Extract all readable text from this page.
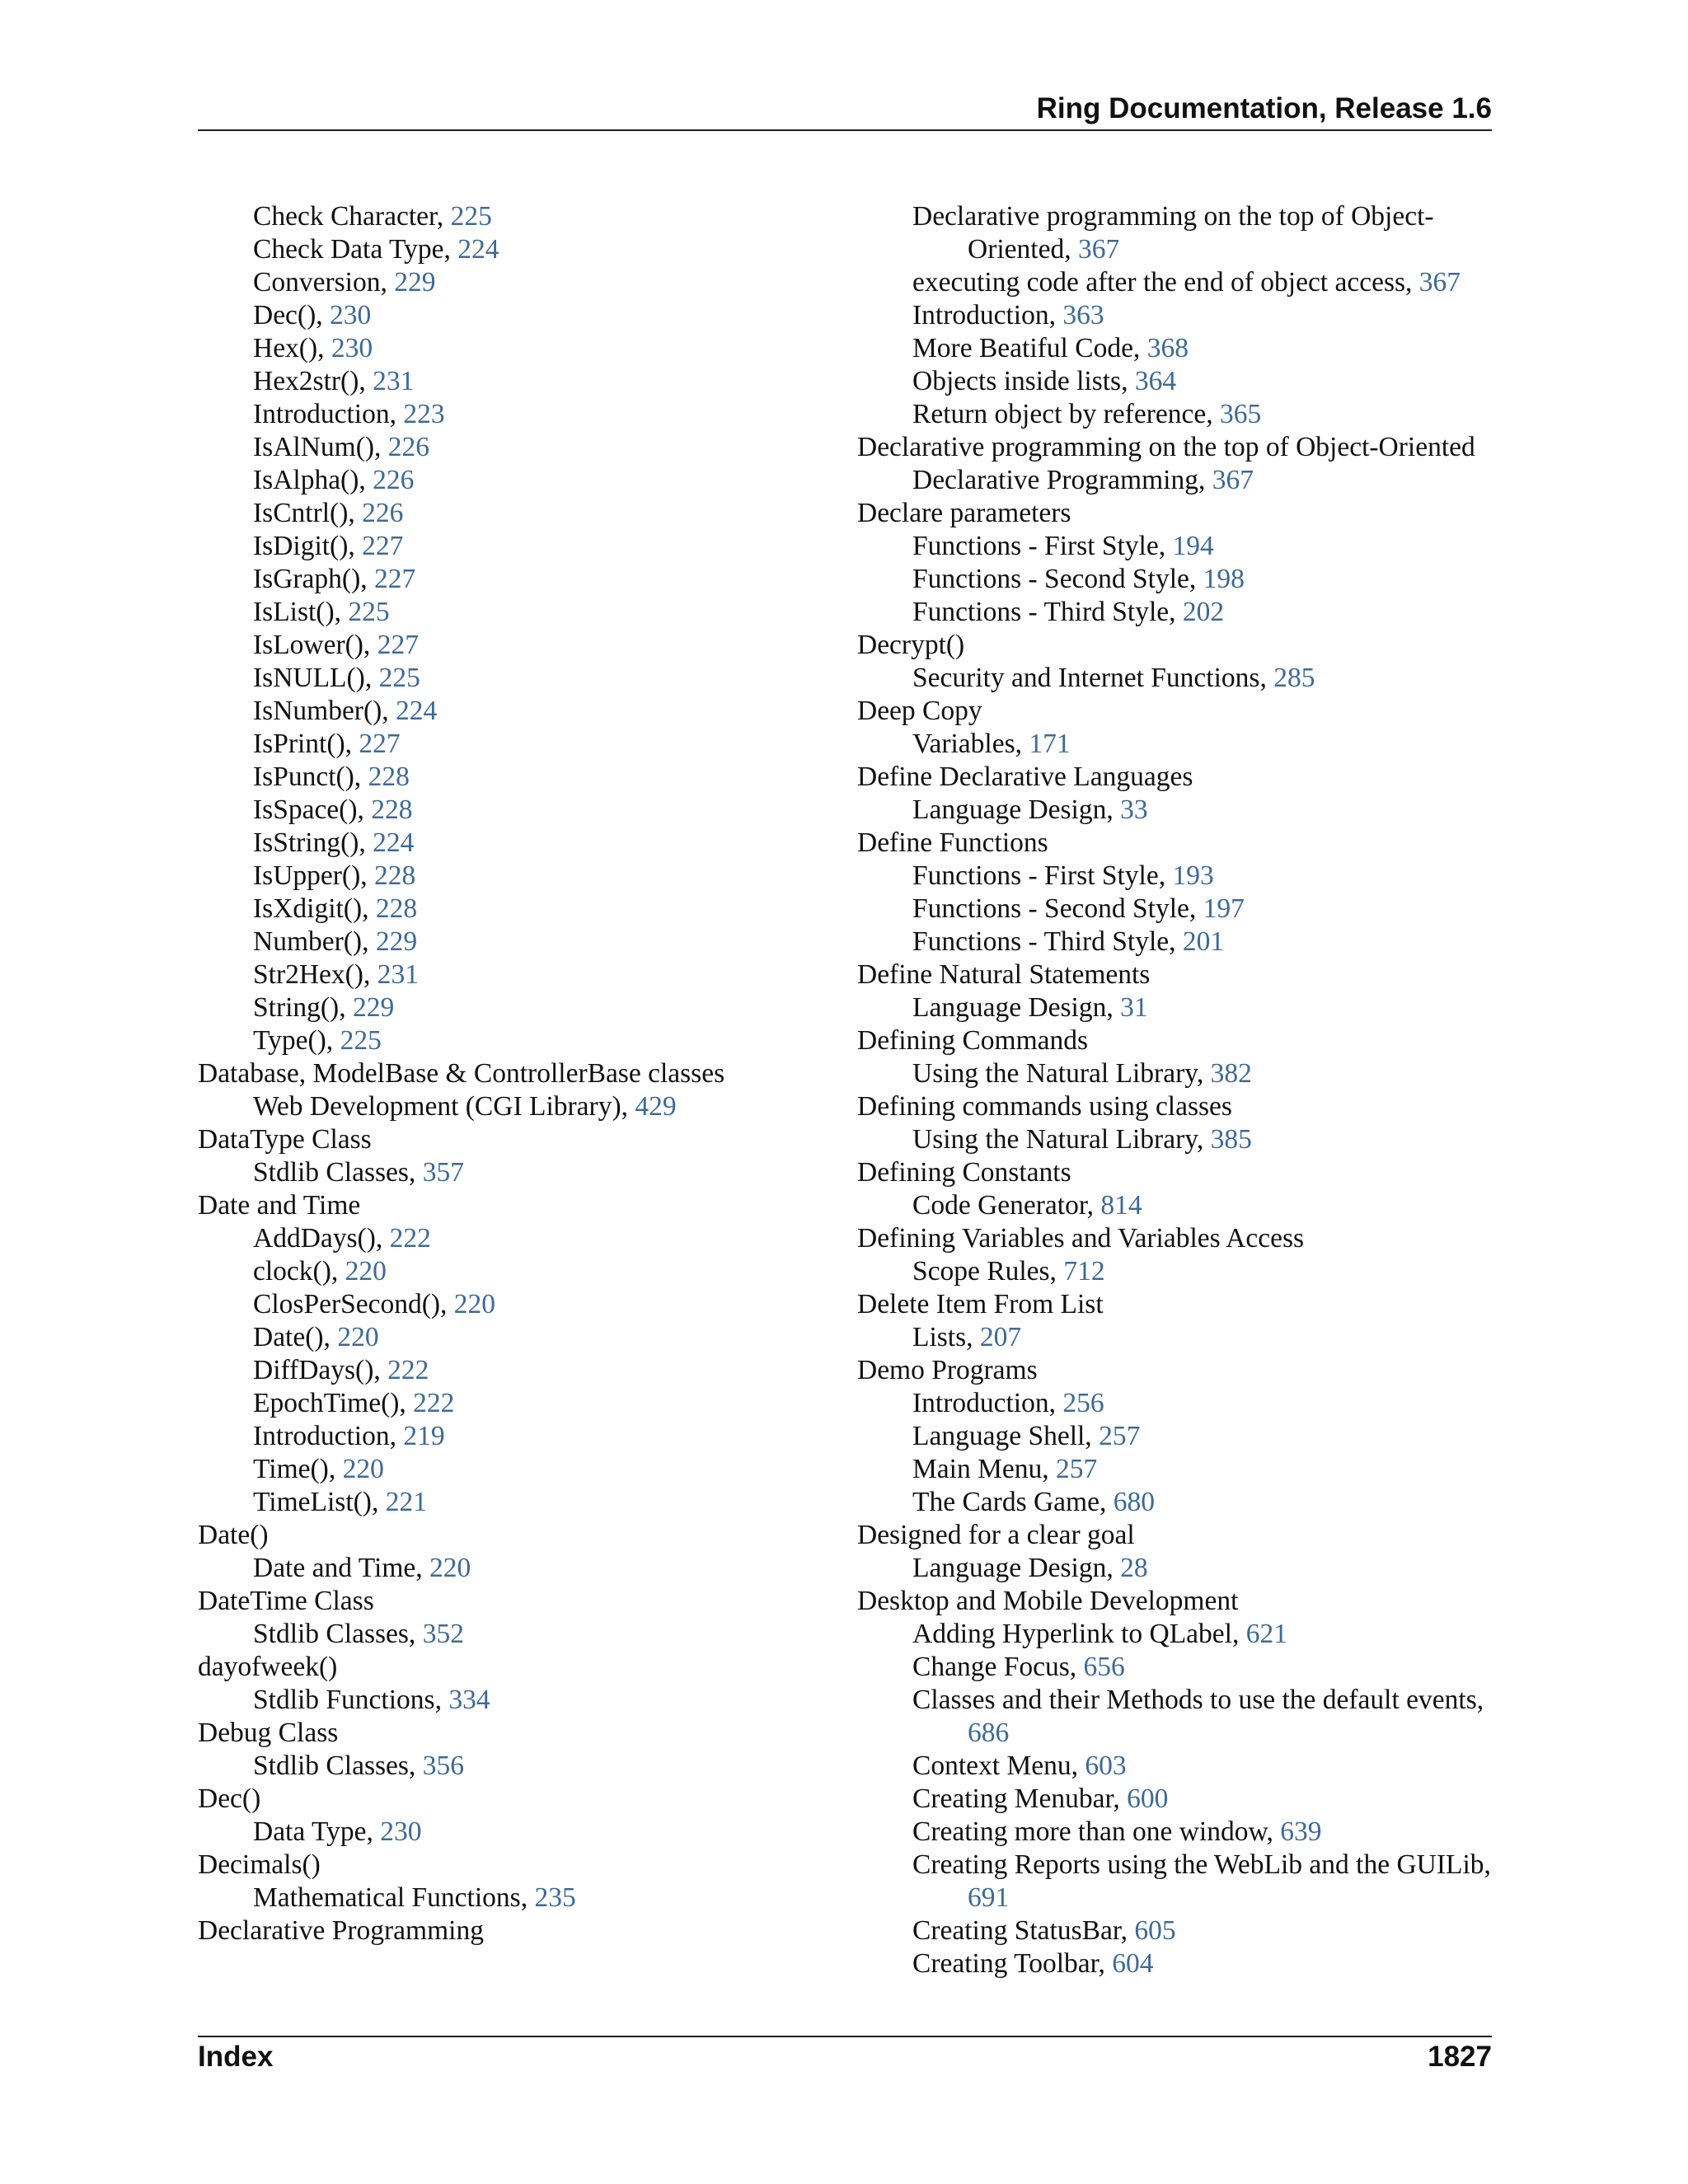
Ring Documentation, Release 1.6
Check Character, 225
Check Data Type, 224
Conversion, 229
Dec(), 230
Hex(), 230
Hex2str(), 231
Introduction, 223
IsAlNum(), 226
IsAlpha(), 226
IsCntrl(), 226
IsDigit(), 227
IsGraph(), 227
IsList(), 225
IsLower(), 227
IsNULL(), 225
IsNumber(), 224
IsPrint(), 227
IsPunct(), 228
IsSpace(), 228
IsString(), 224
IsUpper(), 228
IsXdigit(), 228
Number(), 229
Str2Hex(), 231
String(), 229
Type(), 225
Database, ModelBase & ControllerBase classes
Web Development (CGI Library), 429
DataType Class
Stdlib Classes, 357
Date and Time
AddDays(), 222
clock(), 220
ClosPerSecond(), 220
Date(), 220
DiffDays(), 222
EpochTime(), 222
Introduction, 219
Time(), 220
TimeList(), 221
Date()
Date and Time, 220
DateTime Class
Stdlib Classes, 352
dayofweek()
Stdlib Functions, 334
Debug Class
Stdlib Classes, 356
Dec()
Data Type, 230
Decimals()
Mathematical Functions, 235
Declarative Programming
Declarative programming on the top of Object-
Oriented, 367
executing code after the end of object access, 367
Introduction, 363
More Beatiful Code, 368
Objects inside lists, 364
Return object by reference, 365
Declarative programming on the top of Object-Oriented
Declarative Programming, 367
Declare parameters
Functions - First Style, 194
Functions - Second Style, 198
Functions - Third Style, 202
Decrypt()
Security and Internet Functions, 285
Deep Copy
Variables, 171
Define Declarative Languages
Language Design, 33
Define Functions
Functions - First Style, 193
Functions - Second Style, 197
Functions - Third Style, 201
Define Natural Statements
Language Design, 31
Defining Commands
Using the Natural Library, 382
Defining commands using classes
Using the Natural Library, 385
Defining Constants
Code Generator, 814
Defining Variables and Variables Access
Scope Rules, 712
Delete Item From List
Lists, 207
Demo Programs
Introduction, 256
Language Shell, 257
Main Menu, 257
The Cards Game, 680
Designed for a clear goal
Language Design, 28
Desktop and Mobile Development
Adding Hyperlink to QLabel, 621
Change Focus, 656
Classes and their Methods to use the default events,
686
Context Menu, 603
Creating Menubar, 600
Creating more than one window, 639
Creating Reports using the WebLib and the GUILib,
691
Creating StatusBar, 605
Creating Toolbar, 604
Index	1827
